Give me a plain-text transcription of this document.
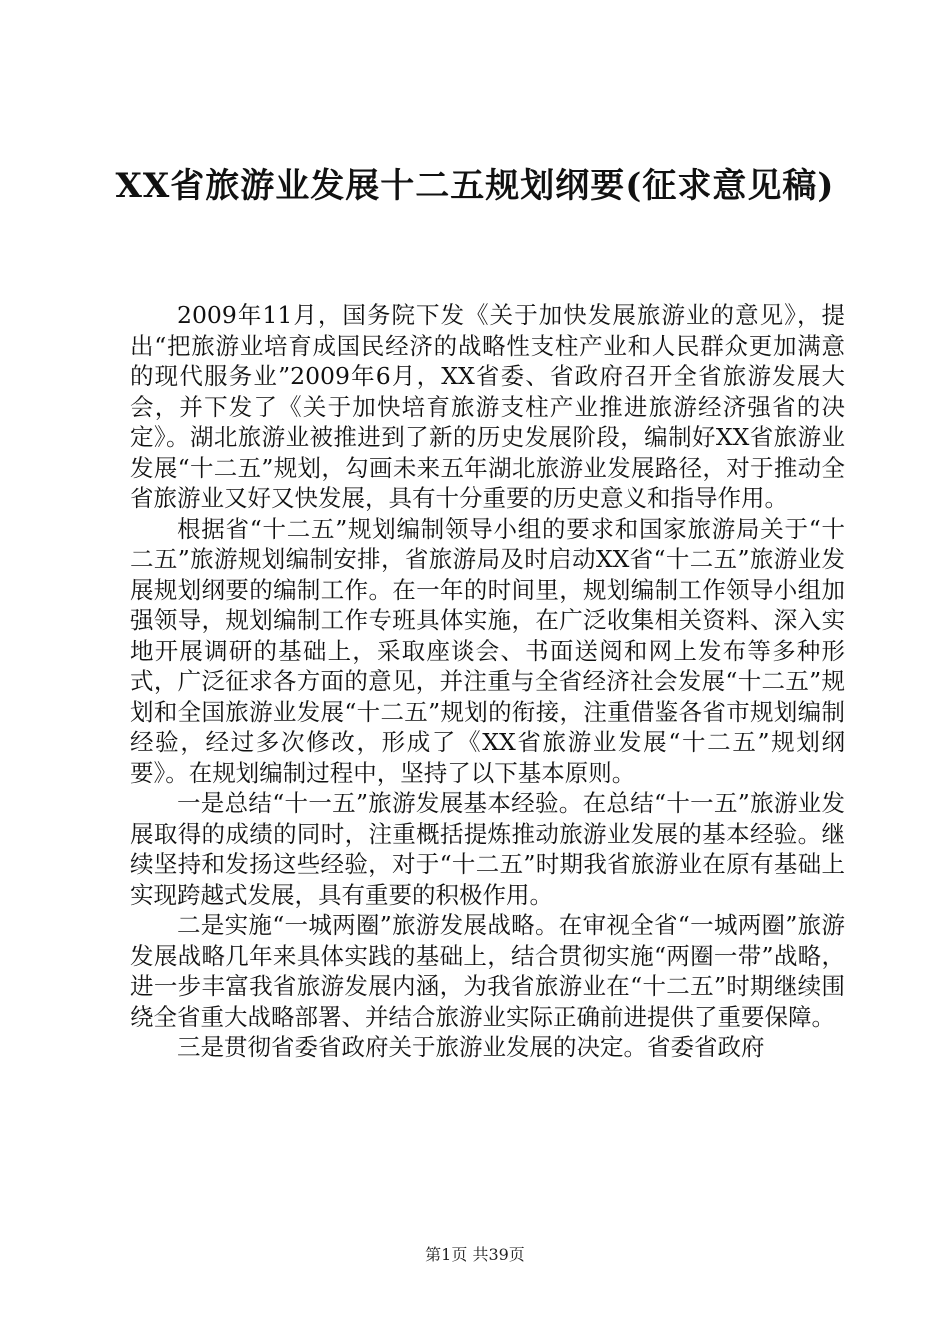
XX省旅游业发展十二五规划纲要(征求意见稿)

2009年11月，国务院下发《关于加快发展旅游业的意见》，提出“把旅游业培育成国民经济的战略性支柱产业和人民群众更加满意的现代服务业”2009年6月，XX省委、省政府召开全省旅游发展大会，并下发了《关于加快培育旅游支柱产业推进旅游经济强省的决定》。湖北旅游业被推进到了新的历史发展阶段，编制好XX省旅游业发展“十二五”规划，勾画未来五年湖北旅游业发展路径，对于推动全省旅游业又好又快发展，具有十分重要的历史意义和指导作用。

根据省“十二五”规划编制领导小组的要求和国家旅游局关于“十二五”旅游规划编制安排，省旅游局及时启动XX省“十二五”旅游业发展规划纲要的编制工作。在一年的时间里，规划编制工作领导小组加强领导，规划编制工作专班具体实施，在广泛收集相关资料、深入实地开展调研的基础上，采取座谈会、书面送阅和网上发布等多种形式，广泛征求各方面的意见，并注重与全省经济社会发展“十二五”规划和全国旅游业发展“十二五”规划的衔接，注重借鉴各省市规划编制经验，经过多次修改，形成了《XX省旅游业发展“十二五”规划纲要》。在规划编制过程中，坚持了以下基本原则。

一是总结“十一五”旅游发展基本经验。在总结“十一五”旅游业发展取得的成绩的同时，注重概括提炼推动旅游业发展的基本经验。继续坚持和发扬这些经验，对于“十二五”时期我省旅游业在原有基础上实现跨越式发展，具有重要的积极作用。

二是实施“一城两圈”旅游发展战略。在审视全省“一城两圈”旅游发展战略几年来具体实践的基础上，结合贯彻实施“两圈一带”战略，进一步丰富我省旅游发展内涵，为我省旅游业在“十二五”时期继续围绕全省重大战略部署、并结合旅游业实际正确前进提供了重要保障。

三是贯彻省委省政府关于旅游业发展的决定。省委省政府

第1页 共39页
